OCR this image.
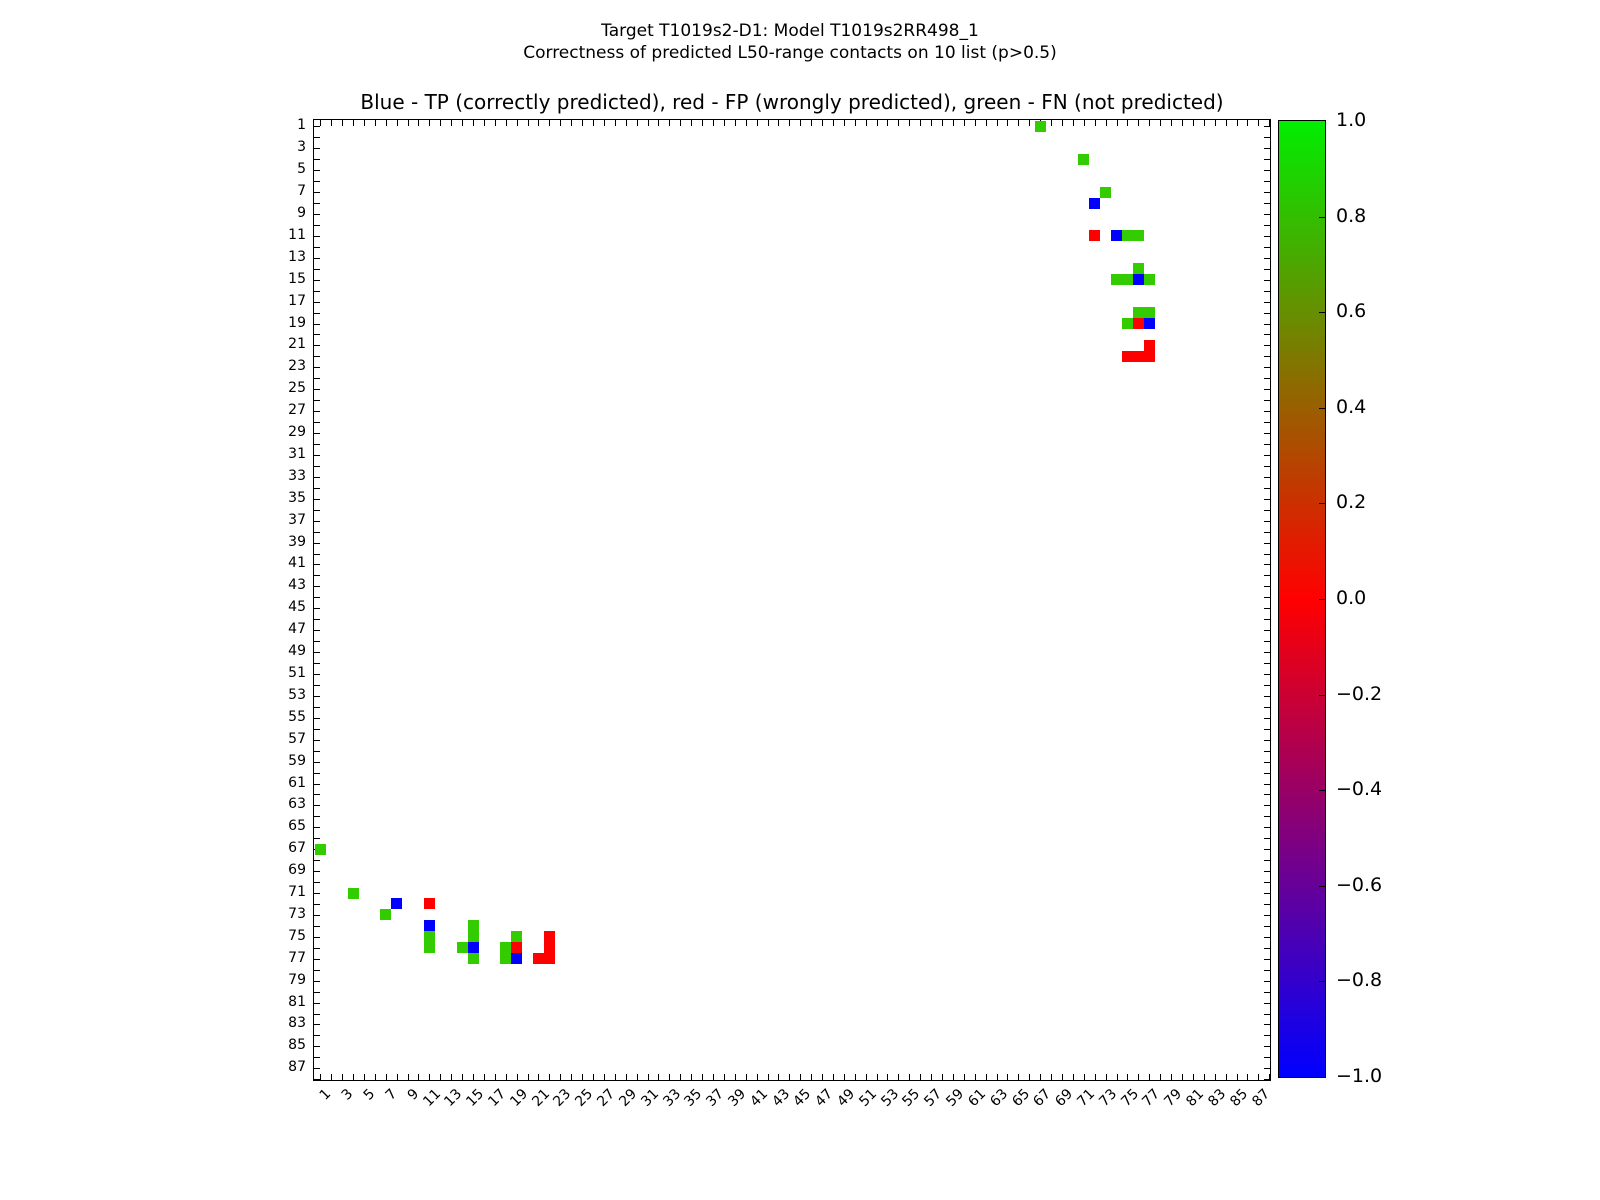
Target T1019s2-D1: Model T1019s2RR498_1
Correctness of predicted L50-range contacts on 10 list (p>0.5)
Blue - TP (correctly predicted), red - FP (wrongly predicted), green - FN (not predicted)
1
3
5
7
9
11
13
15
17
19
21
23
25
27
29
31
33
35
37
39
41
43
45
47
49
51
53
55
57
59
61
63
65
67
69
71
73
75
77
79
81
83
85
87
1 3 5 7 9
11
13
15
17
19
21
23
25
27
29
31
33
35
37
39
41
43
45
47
49
51
53
55
57
59
61
63
65
67
69
71
73
75
77
79
81
83
85
87
1.0
0.8
0.6
0.4
0.2
0.0
−0.2
−0.4
−0.6
−0.8
−1.0
